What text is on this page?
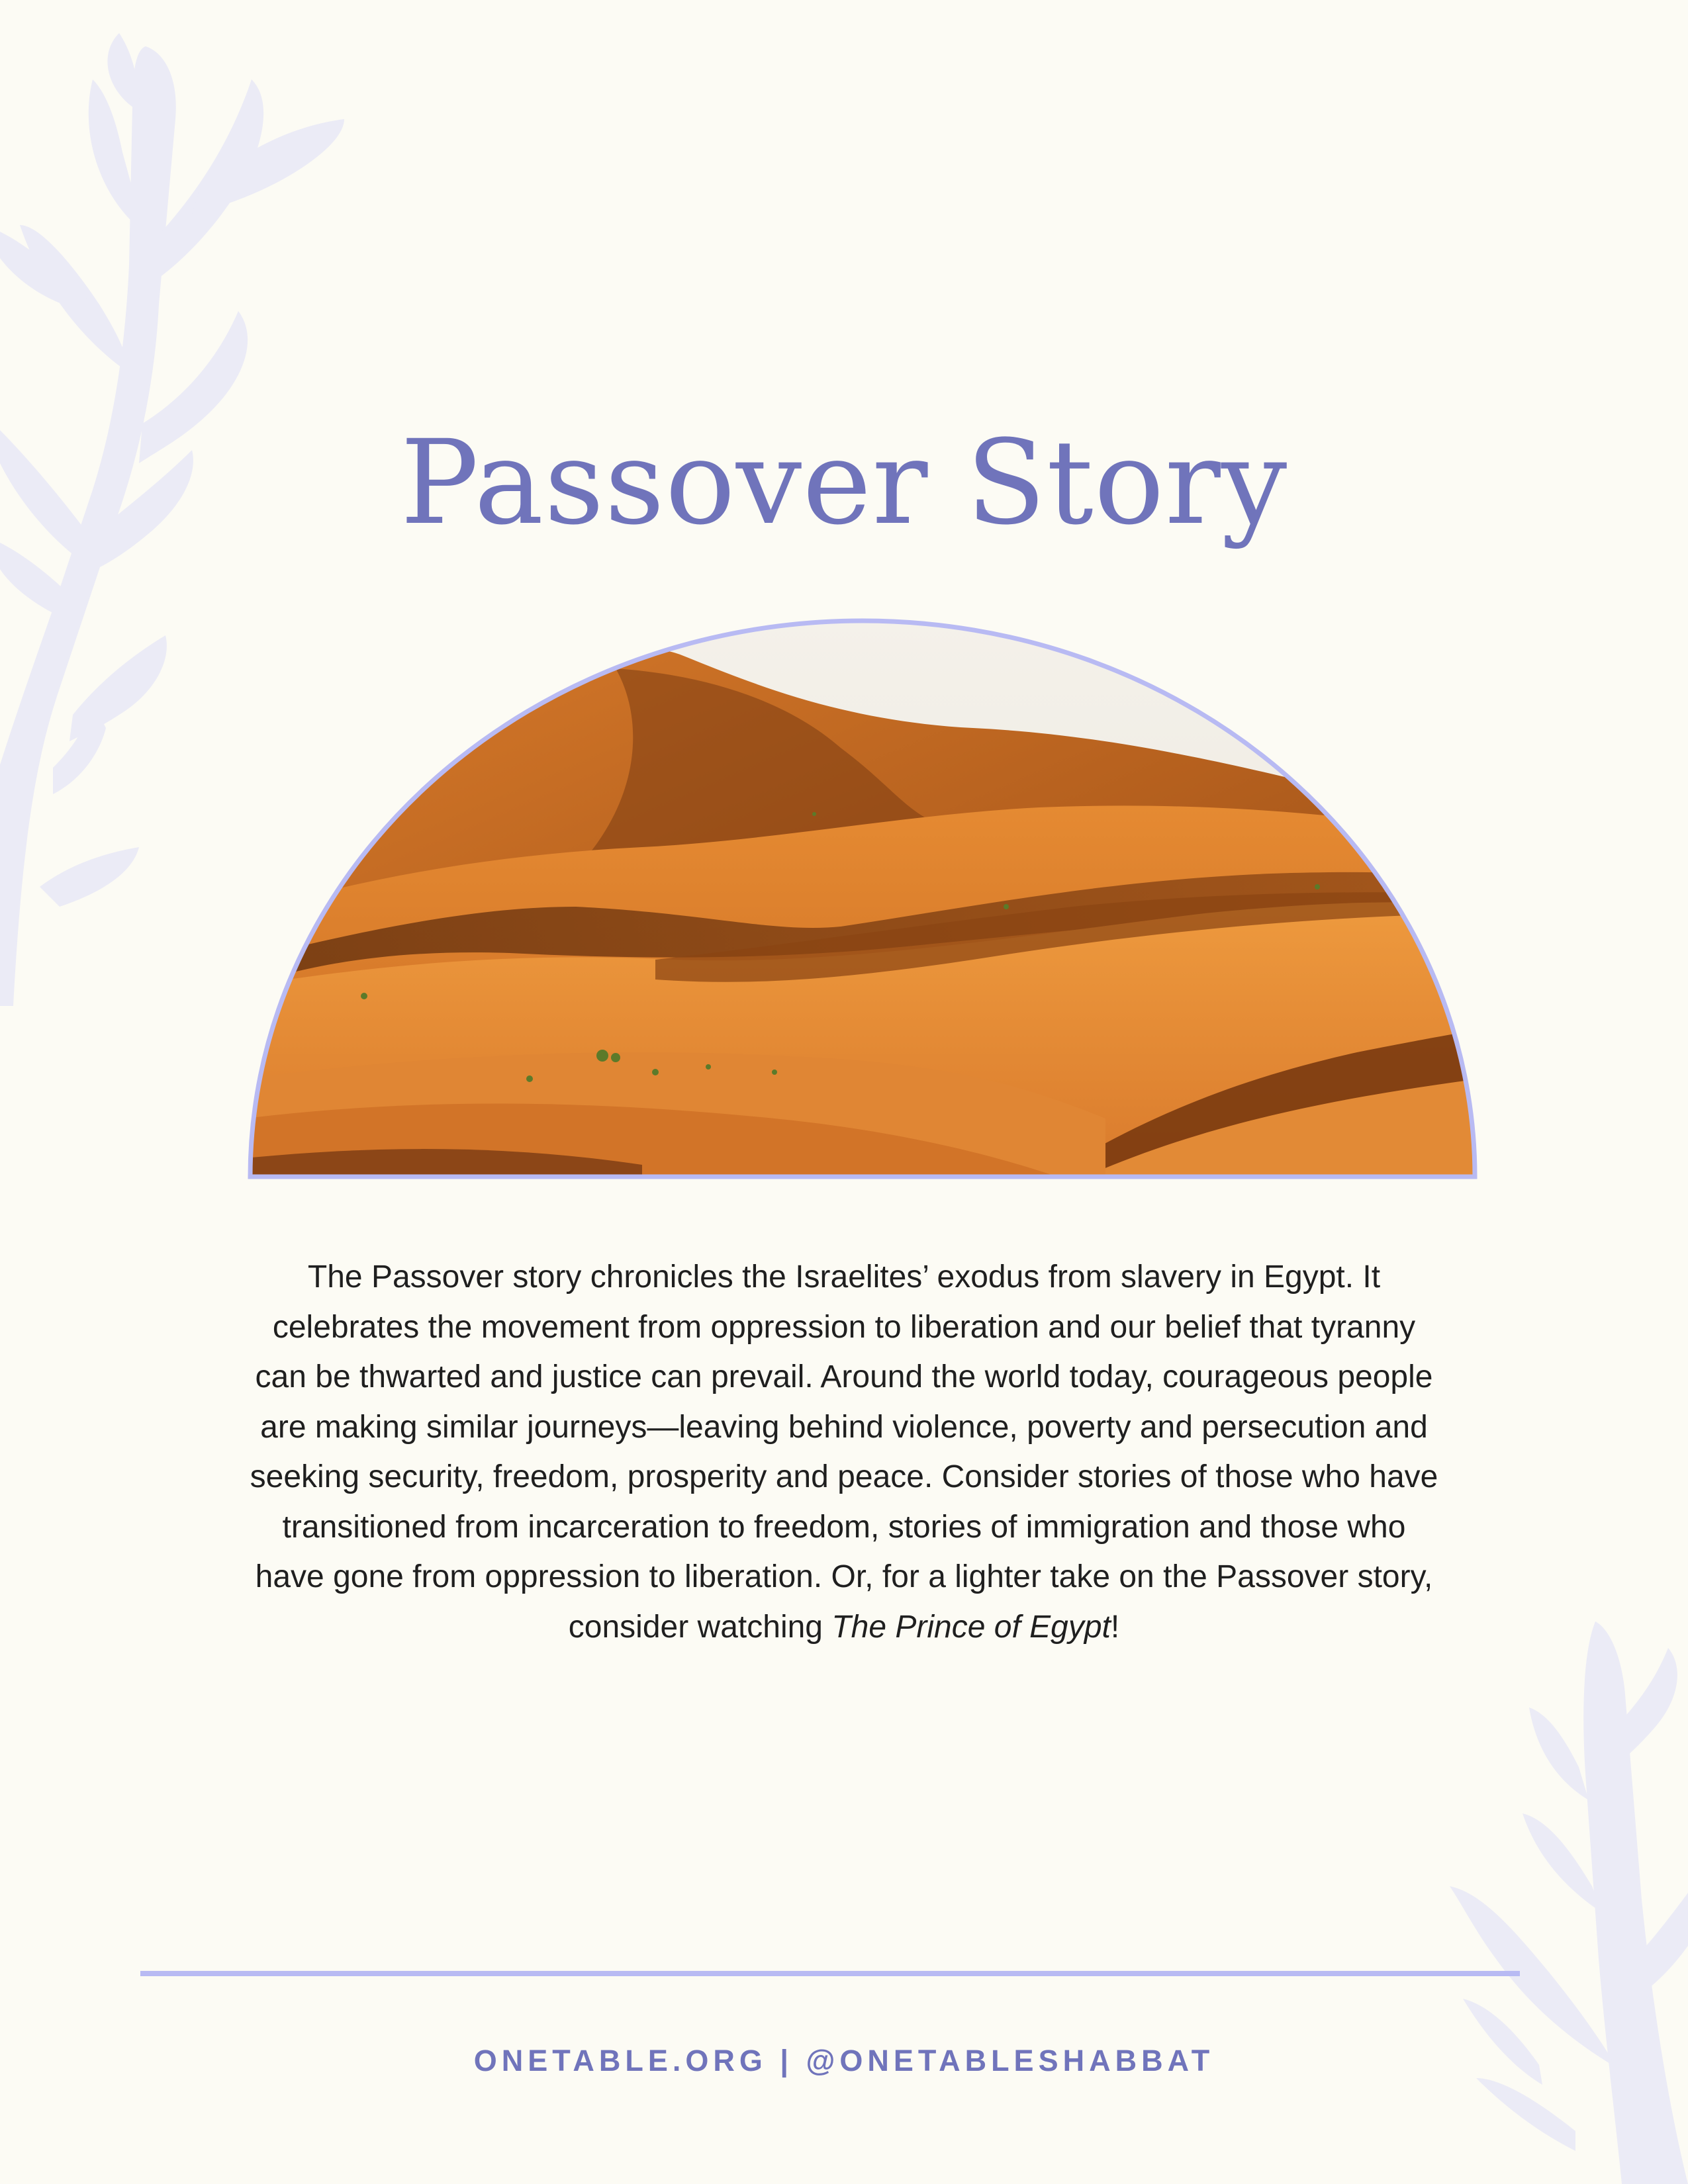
Passover Story
The Passover story chronicles the Israelites’ exodus from slavery in Egypt. It celebrates the movement from oppression to liberation and our belief that tyranny can be thwarted and justice can prevail. Around the world today, courageous people are making similar journeys—leaving behind violence, poverty and persecution and seeking security, freedom, prosperity and peace. Consider stories of those who have transitioned from incarceration to freedom, stories of immigration and those who have gone from oppression to liberation. Or, for a lighter take on the Passover story, consider watching The Prince of Egypt!
ONETABLE.ORG | @ONETABLESHABBAT
